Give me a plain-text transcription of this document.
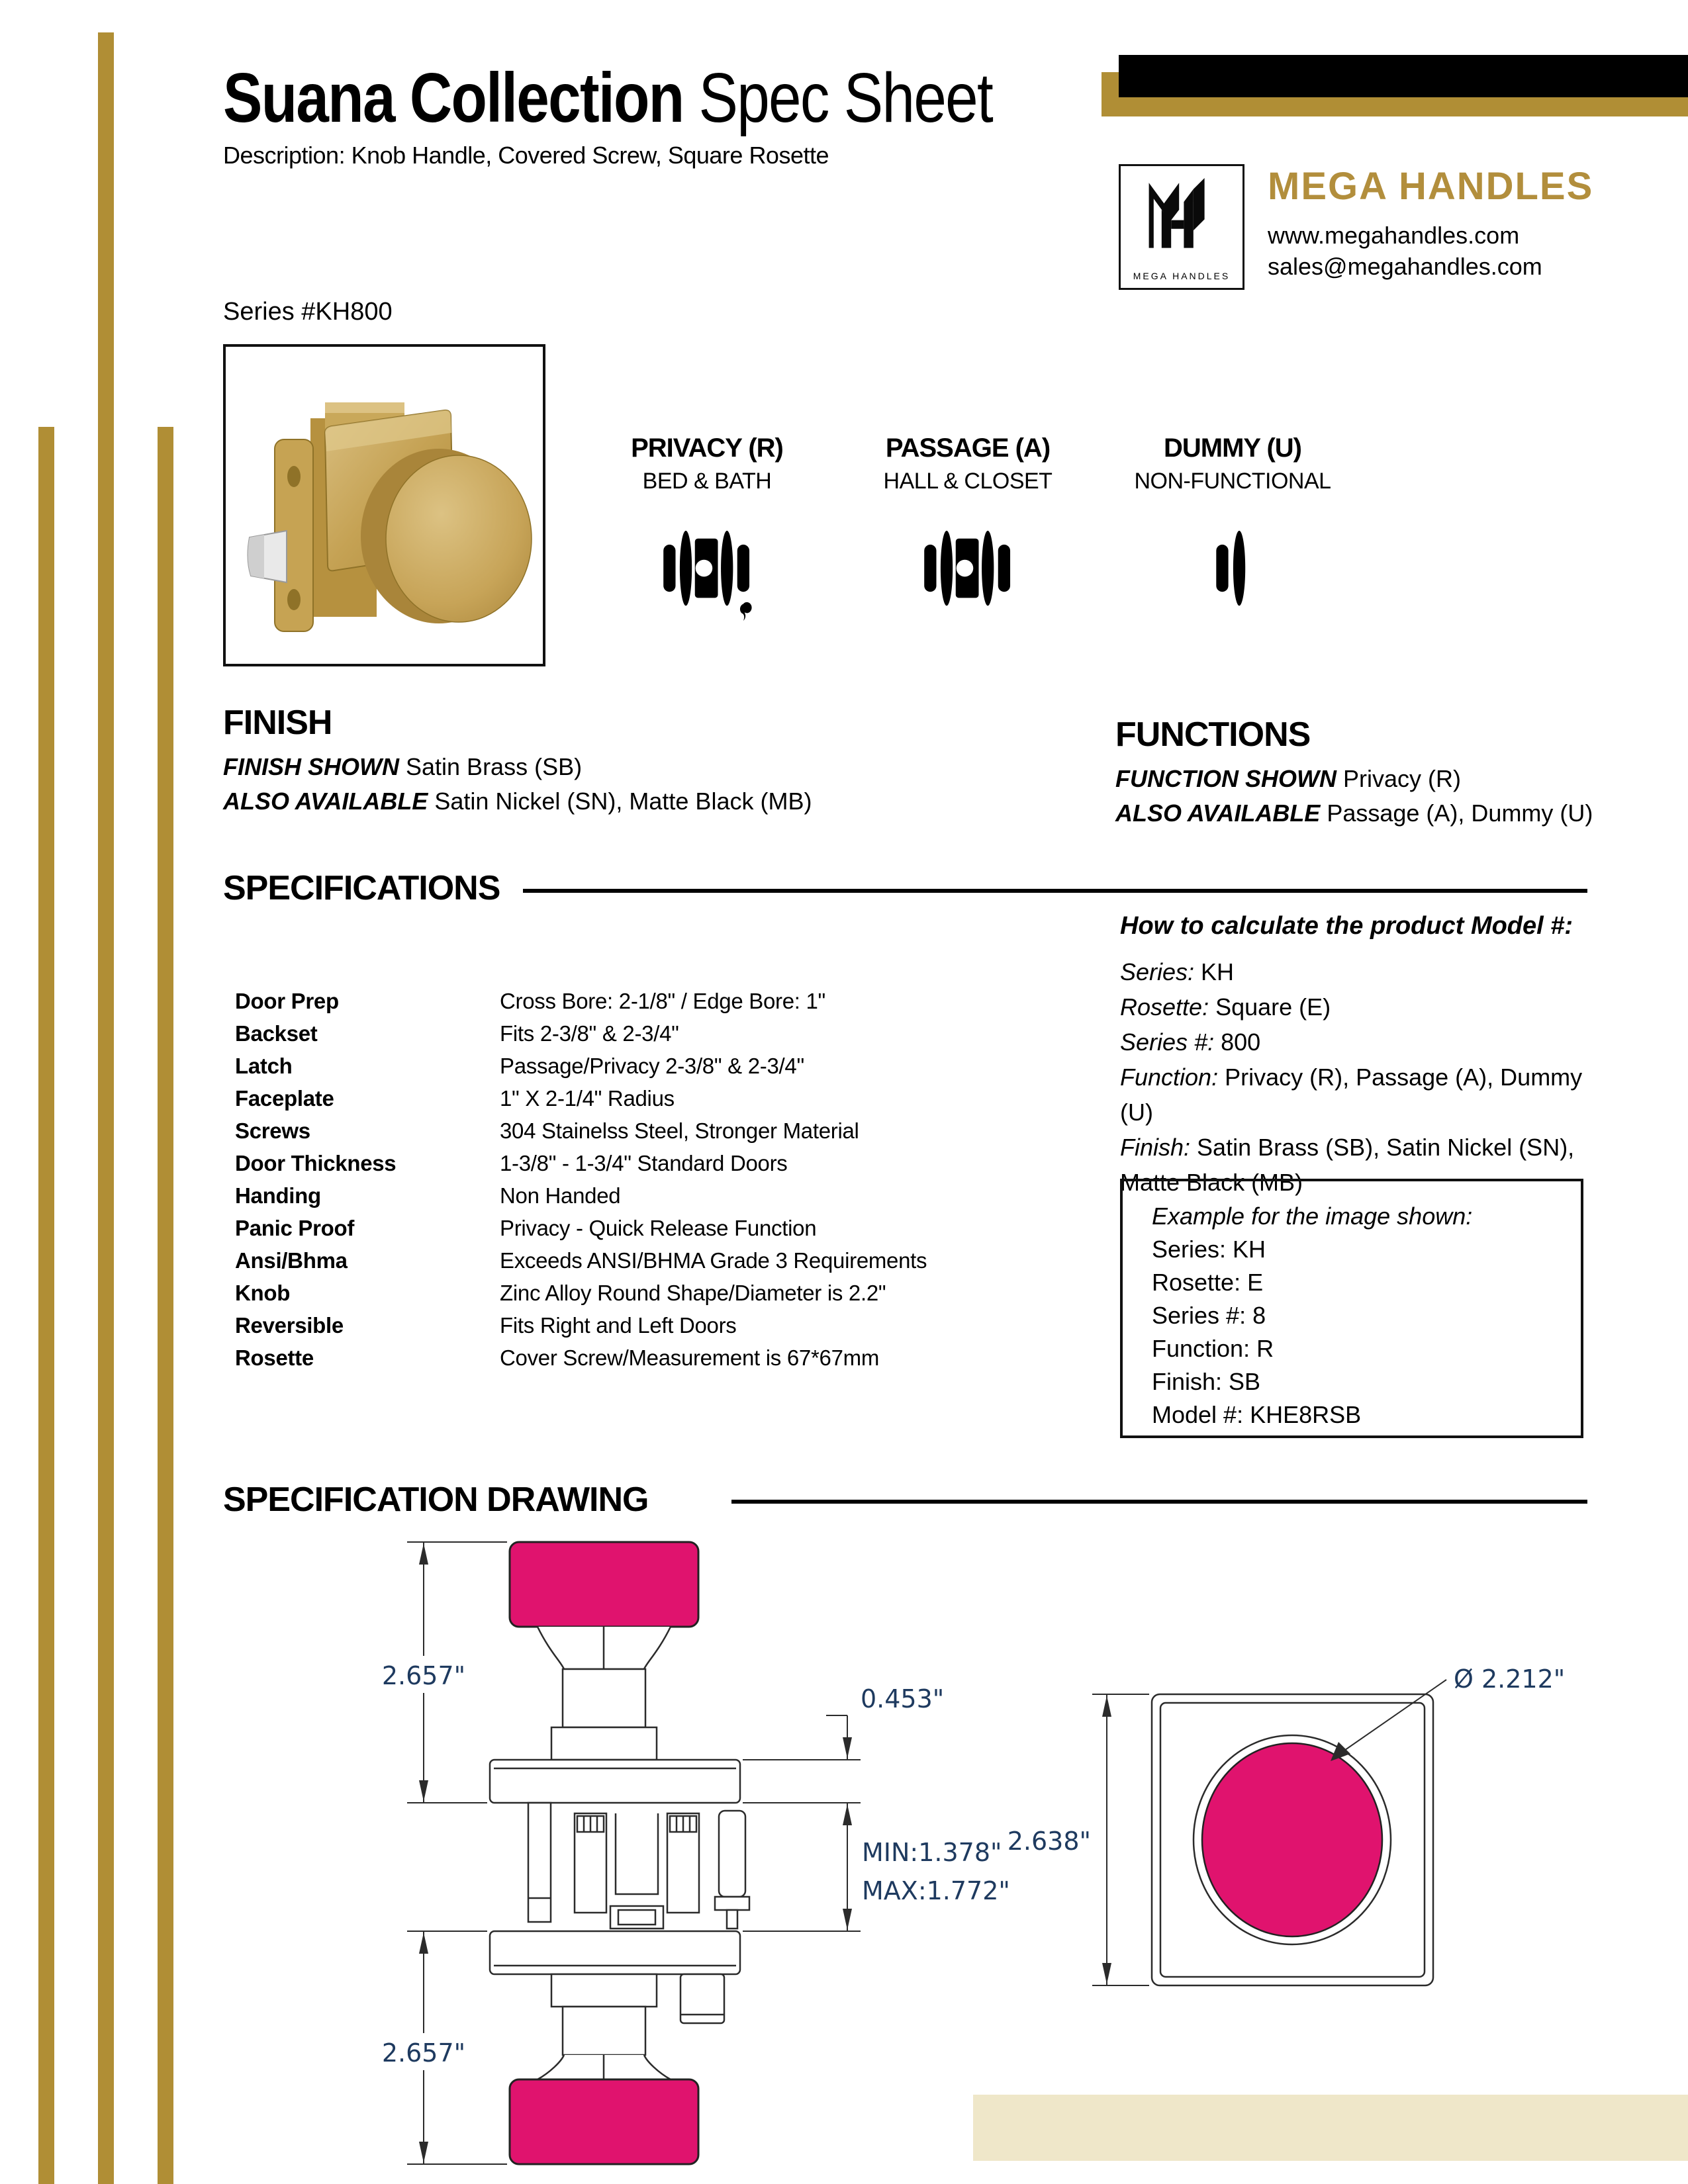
Suana Collection Spec Sheet
Description: Knob Handle, Covered Screw, Square Rosette
MEGA HANDLES
MEGA HANDLES
www.megahandles.com
sales@megahandles.com
Series #KH800
PRIVACY (R)
BED & BATH
PASSAGE (A)
HALL & CLOSET
DUMMY (U)
NON-FUNCTIONAL
FINISH
FINISH SHOWN Satin Brass (SB)
ALSO AVAILABLE Satin Nickel (SN), Matte Black (MB)
FUNCTIONS
FUNCTION SHOWN Privacy (R)
ALSO AVAILABLE Passage (A), Dummy (U)
SPECIFICATIONS
Door Prep	Cross Bore: 2-1/8" / Edge Bore: 1"
Backset	Fits 2-3/8" & 2-3/4"
Latch	Passage/Privacy 2-3/8" & 2-3/4"
Faceplate	1" X 2-1/4" Radius
Screws	304 Stainelss Steel, Stronger Material
Door Thickness	1-3/8" - 1-3/4" Standard Doors
Handing	Non Handed
Panic Proof	Privacy - Quick Release Function
Ansi/Bhma	Exceeds ANSI/BHMA Grade 3 Requirements
Knob	Zinc Alloy Round Shape/Diameter is 2.2"
Reversible	Fits Right and Left Doors
Rosette	Cover Screw/Measurement is 67*67mm
How to calculate the product Model #:
Series: KH
Rosette: Square (E)
Series #: 800
Function: Privacy (R), Passage (A), Dummy (U)
Finish: Satin Brass (SB), Satin Nickel (SN), Matte Black (MB)
Example for the image shown:
Series: KH
Rosette: E
Series #: 8
Function: R
Finish: SB
Model #: KHE8RSB
SPECIFICATION DRAWING
2.657"
0.453"
MIN:1.378"
MAX:1.772"
2.657"
Ø 2.212"
2.638"
